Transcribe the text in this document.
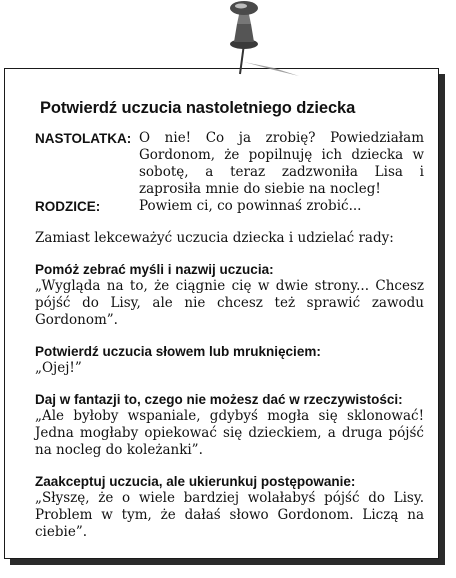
Potwierdź uczucia nastoletniego dziecka
NASTOLATKA: O nie! Co ja zrobię? Powiedziałam Gordonom, że popilnuję ich dziecka w sobotę, a teraz zadzwoniła Lisa i zaprosiła mnie do siebie na nocleg!
RODZICE:	Powiem ci, co powinnaś zrobić...
Zamiast lekceważyć uczucia dziecka i udzielać rady:
Pomóż zebrać myśli i nazwij uczucia:
„Wygląda na to, że ciągnie cię w dwie strony... Chcesz pójść do Lisy, ale nie chcesz też sprawić zawodu Gordonom”.
Potwierdź uczucia słowem lub mruknięciem:
„Ojej!”
Daj w fantazji to, czego nie możesz dać w rzeczywistości:
„Ale byłoby wspaniale, gdybyś mogła się sklonować! Jedna mogłaby opiekować się dzieckiem, a druga pójść na nocleg do koleżanki”.
Zaakceptuj uczucia, ale ukierunkuj postępowanie:
„Słyszę, że o wiele bardziej wolałabyś pójść do Lisy. Problem w tym, że dałaś słowo Gordonom. Liczą na ciebie”.
